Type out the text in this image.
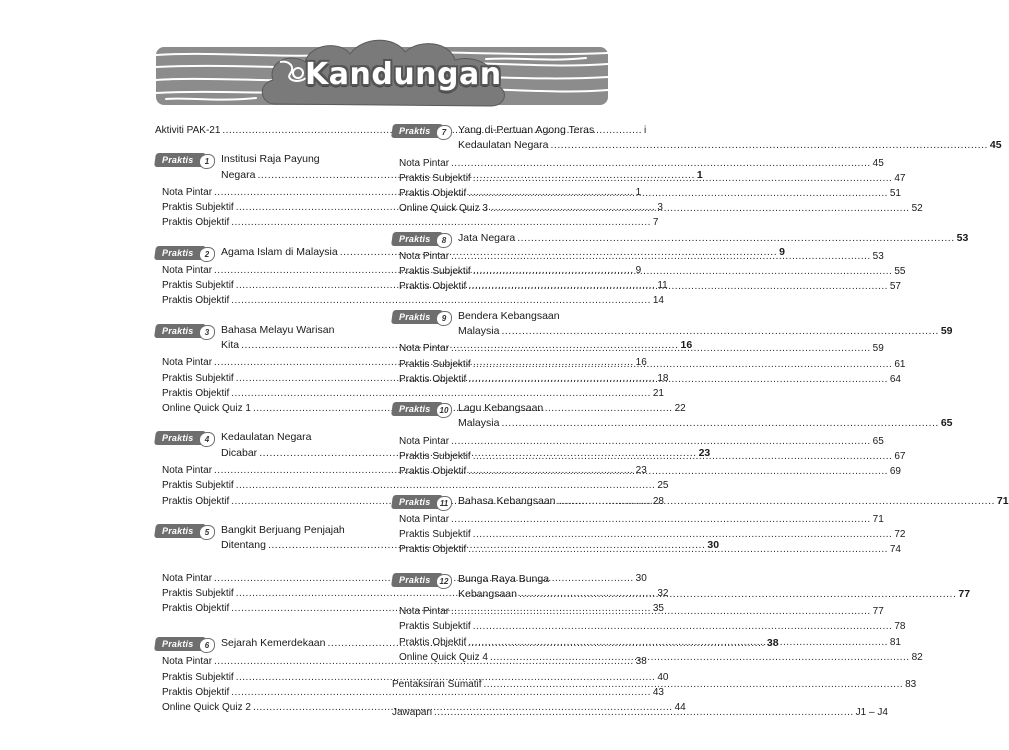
Kandungan
Aktiviti PAK-21 .....	i
Praktis	1	Institusi Raja Payung
Negara .....	1
Nota Pintar .....	1
Praktis Subjektif .....	3
Praktis Objektif .....	7
Praktis	2	Agama Islam di Malaysia .....	9
Nota Pintar .....	9
Praktis Subjektif .....	11
Praktis Objektif .....	14
Praktis	3	Bahasa Melayu Warisan
Kita .....	16
Nota Pintar .....	16
Praktis Subjektif .....	18
Praktis Objektif .....	21
Online Quick Quiz 1 .....	22
Praktis	4	Kedaulatan Negara
Dicabar .....	23
Nota Pintar .....	23
Praktis Subjektif .....	25
Praktis Objektif .....	28
Praktis	5	Bangkit Berjuang Penjajah
Ditentang .....	30
Nota Pintar .....	30
Praktis Subjektif .....	32
Praktis Objektif .....	35
Praktis	6	Sejarah Kemerdekaan .....	38
Nota Pintar .....	38
Praktis Subjektif .....	40
Praktis Objektif .....	43
Online Quick Quiz 2 .....	44
Praktis	7	Yang di-Pertuan Agong Teras
Kedaulatan Negara .....	45
Nota Pintar .....	45
Praktis Subjektif .....	47
Praktis Objektif .....	51
Online Quick Quiz 3 .....	52
Praktis	8	Jata Negara .....	53
Nota Pintar .....	53
Praktis Subjektif .....	55
Praktis Objektif .....	57
Praktis	9	Bendera Kebangsaan
Malaysia .....	59
Nota Pintar .....	59
Praktis Subjektif .....	61
Praktis Objektif .....	64
Praktis	10 Lagu Kebangsaan
Malaysia .....	65
Nota Pintar .....	65
Praktis Subjektif .....	67
Praktis Objektif .....	69
Praktis	11 Bahasa Kebangsaan .....	71
Nota Pintar .....	71
Praktis Subjektif .....	72
Praktis Objektif .....	74
Praktis	12 Bunga Raya Bunga
Kebangsaan .....	77
Nota Pintar .....	77
Praktis Subjektif .....	78
Praktis Objektif .....	81
Online Quick Quiz 4 .....	82
Pentaksiran Sumatif .....	83
Jawapan .....	J1 – J4
